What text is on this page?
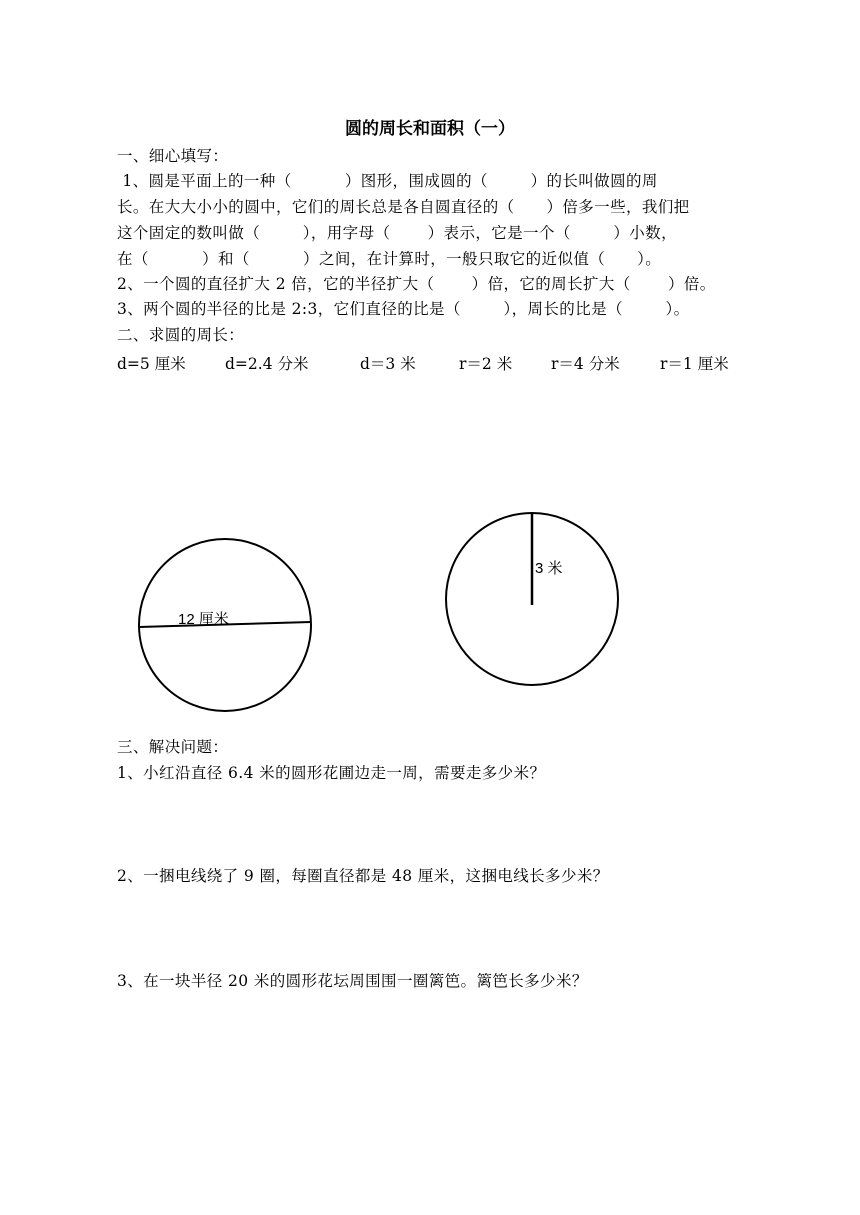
圆的周长和面积（一）
一、细心填写：
1、圆是平面上的一种（          ）图形，围成圆的（        ）的长叫做圆的周
长。在大大小小的圆中，它们的周长总是各自圆直径的（      ）倍多一些，我们把
这个固定的数叫做（        ），用字母（       ）表示，它是一个（        ）小数，
在（          ）和（          ）之间，在计算时，一般只取它的近似值（      ）。
2、一个圆的直径扩大 2 倍，它的半径扩大（       ）倍，它的周长扩大（       ）倍。
3、两个圆的半径的比是 2:3，它们直径的比是（        ），周长的比是（        ）。
二、求圆的周长：
d=5 厘米	d=2.4 分米	d＝3 米	r＝2 米	r＝4 分米	r＝1 厘米
12 厘米
3 米
三、解决问题：
1、小红沿直径 6.4 米的圆形花圃边走一周，需要走多少米？
2、一捆电线绕了 9 圈，每圈直径都是 48 厘米，这捆电线长多少米？
3、在一块半径 20 米的圆形花坛周围围一圈篱笆。篱笆长多少米？
